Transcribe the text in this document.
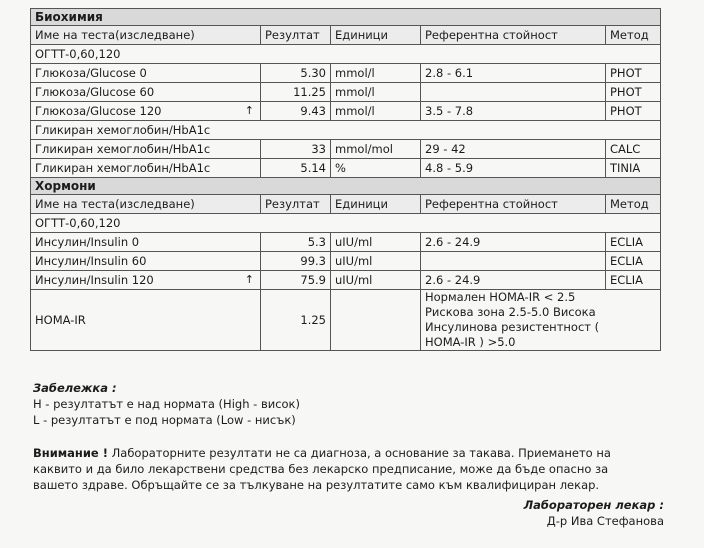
Биохимия				
Име на теста(изследване)	Резултат	Единици	Референтна стойност	Метод
ОГТТ-0,60,120				
Глюкоза/Glucose 0	5.30	mmol/l	2.8 - 6.1	PHOT
Глюкоза/Glucose 60	11.25	mmol/l		PHOT
Глюкоза/Glucose 120 ↑	9.43	mmol/l	3.5 - 7.8	PHOT
Гликиран хемоглобин/HbA1c				
Гликиран хемоглобин/HbA1c	33	mmol/mol	29 - 42	CALC
Гликиран хемоглобин/HbA1c	5.14	%	4.8 - 5.9	TINIA
Хормони				
Име на теста(изследване)	Резултат	Единици	Референтна стойност	Метод
ОГТТ-0,60,120				
Инсулин/Insulin 0	5.3	uIU/ml	2.6 - 24.9	ECLIA
Инсулин/Insulin 60	99.3	uIU/ml		ECLIA
Инсулин/Insulin 120 ↑	75.9	uIU/ml	2.6 - 24.9	ECLIA
HOMA-IR	1.25		Нормален HOMA-IR < 2.5
Рискова зона 2.5-5.0 Висока
Инсулинова резистентност (
HOMA-IR ) >5.0	
Забележка :
H - резултатът е над нормата (High - висок)
L - резултатът е под нормата (Low - нисък)
Внимание ! Лабораторните резултати не са диагноза, а основание за такава. Приемането на каквито и да било лекарствени средства без лекарско предписание, може да бъде опасно за вашето здраве. Обръщайте се за тълкуване на резултатите само към квалифициран лекар.
Лабораторен лекар :
Д-р Ива Стефанова
